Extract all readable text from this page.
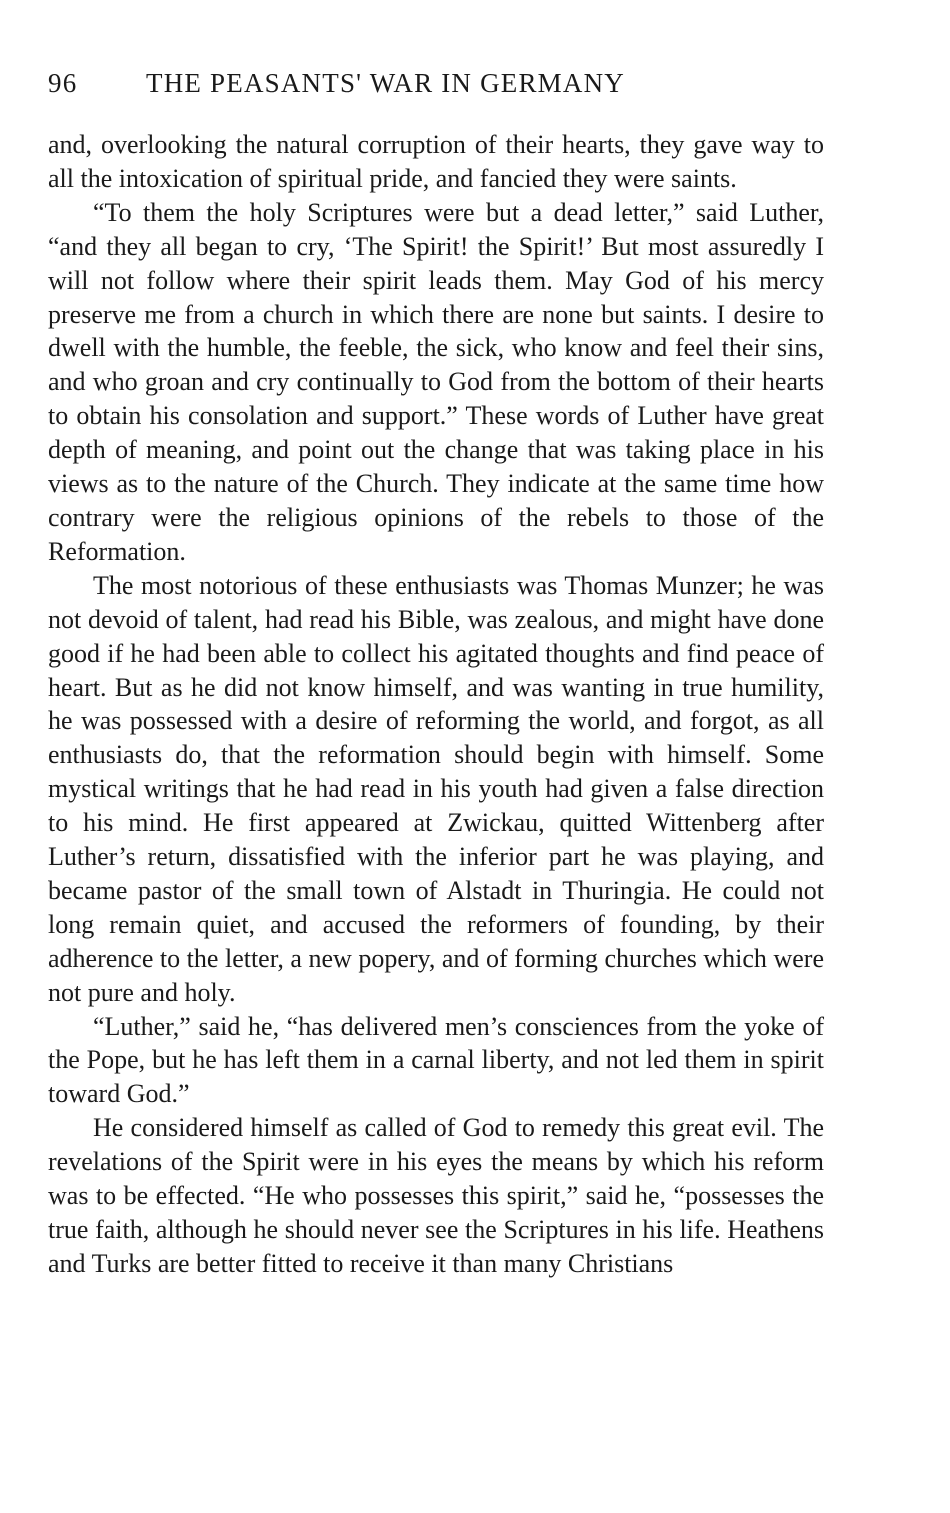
96	THE PEASANTS' WAR IN GERMANY

and, overlooking the natural corruption of their hearts, they gave way to all the intoxication of spiritual pride, and fancied they were saints.

“To them the holy Scriptures were but a dead letter,” said Luther, “and they all began to cry, ‘The Spirit! the Spirit!’ But most assuredly I will not follow where their spirit leads them. May God of his mercy preserve me from a church in which there are none but saints. I desire to dwell with the humble, the feeble, the sick, who know and feel their sins, and who groan and cry continually to God from the bottom of their hearts to obtain his consolation and support.” These words of Luther have great depth of meaning, and point out the change that was taking place in his views as to the nature of the Church. They indicate at the same time how contrary were the religious opinions of the rebels to those of the Reformation.

The most notorious of these enthusiasts was Thomas Munzer; he was not devoid of talent, had read his Bible, was zealous, and might have done good if he had been able to collect his agitated thoughts and find peace of heart. But as he did not know himself, and was wanting in true humility, he was possessed with a desire of reforming the world, and forgot, as all enthusiasts do, that the reformation should begin with himself. Some mystical writings that he had read in his youth had given a false direction to his mind. He first appeared at Zwickau, quitted Wittenberg after Luther’s return, dissatisfied with the inferior part he was playing, and became pastor of the small town of Alstadt in Thuringia. He could not long remain quiet, and accused the reformers of founding, by their adherence to the letter, a new popery, and of forming churches which were not pure and holy.

“Luther,” said he, “has delivered men’s consciences from the yoke of the Pope, but he has left them in a carnal liberty, and not led them in spirit toward God.”

He considered himself as called of God to remedy this great evil. The revelations of the Spirit were in his eyes the means by which his reform was to be effected. “He who possesses this spirit,” said he, “possesses the true faith, although he should never see the Scriptures in his life. Heathens and Turks are better fitted to receive it than many Christians
